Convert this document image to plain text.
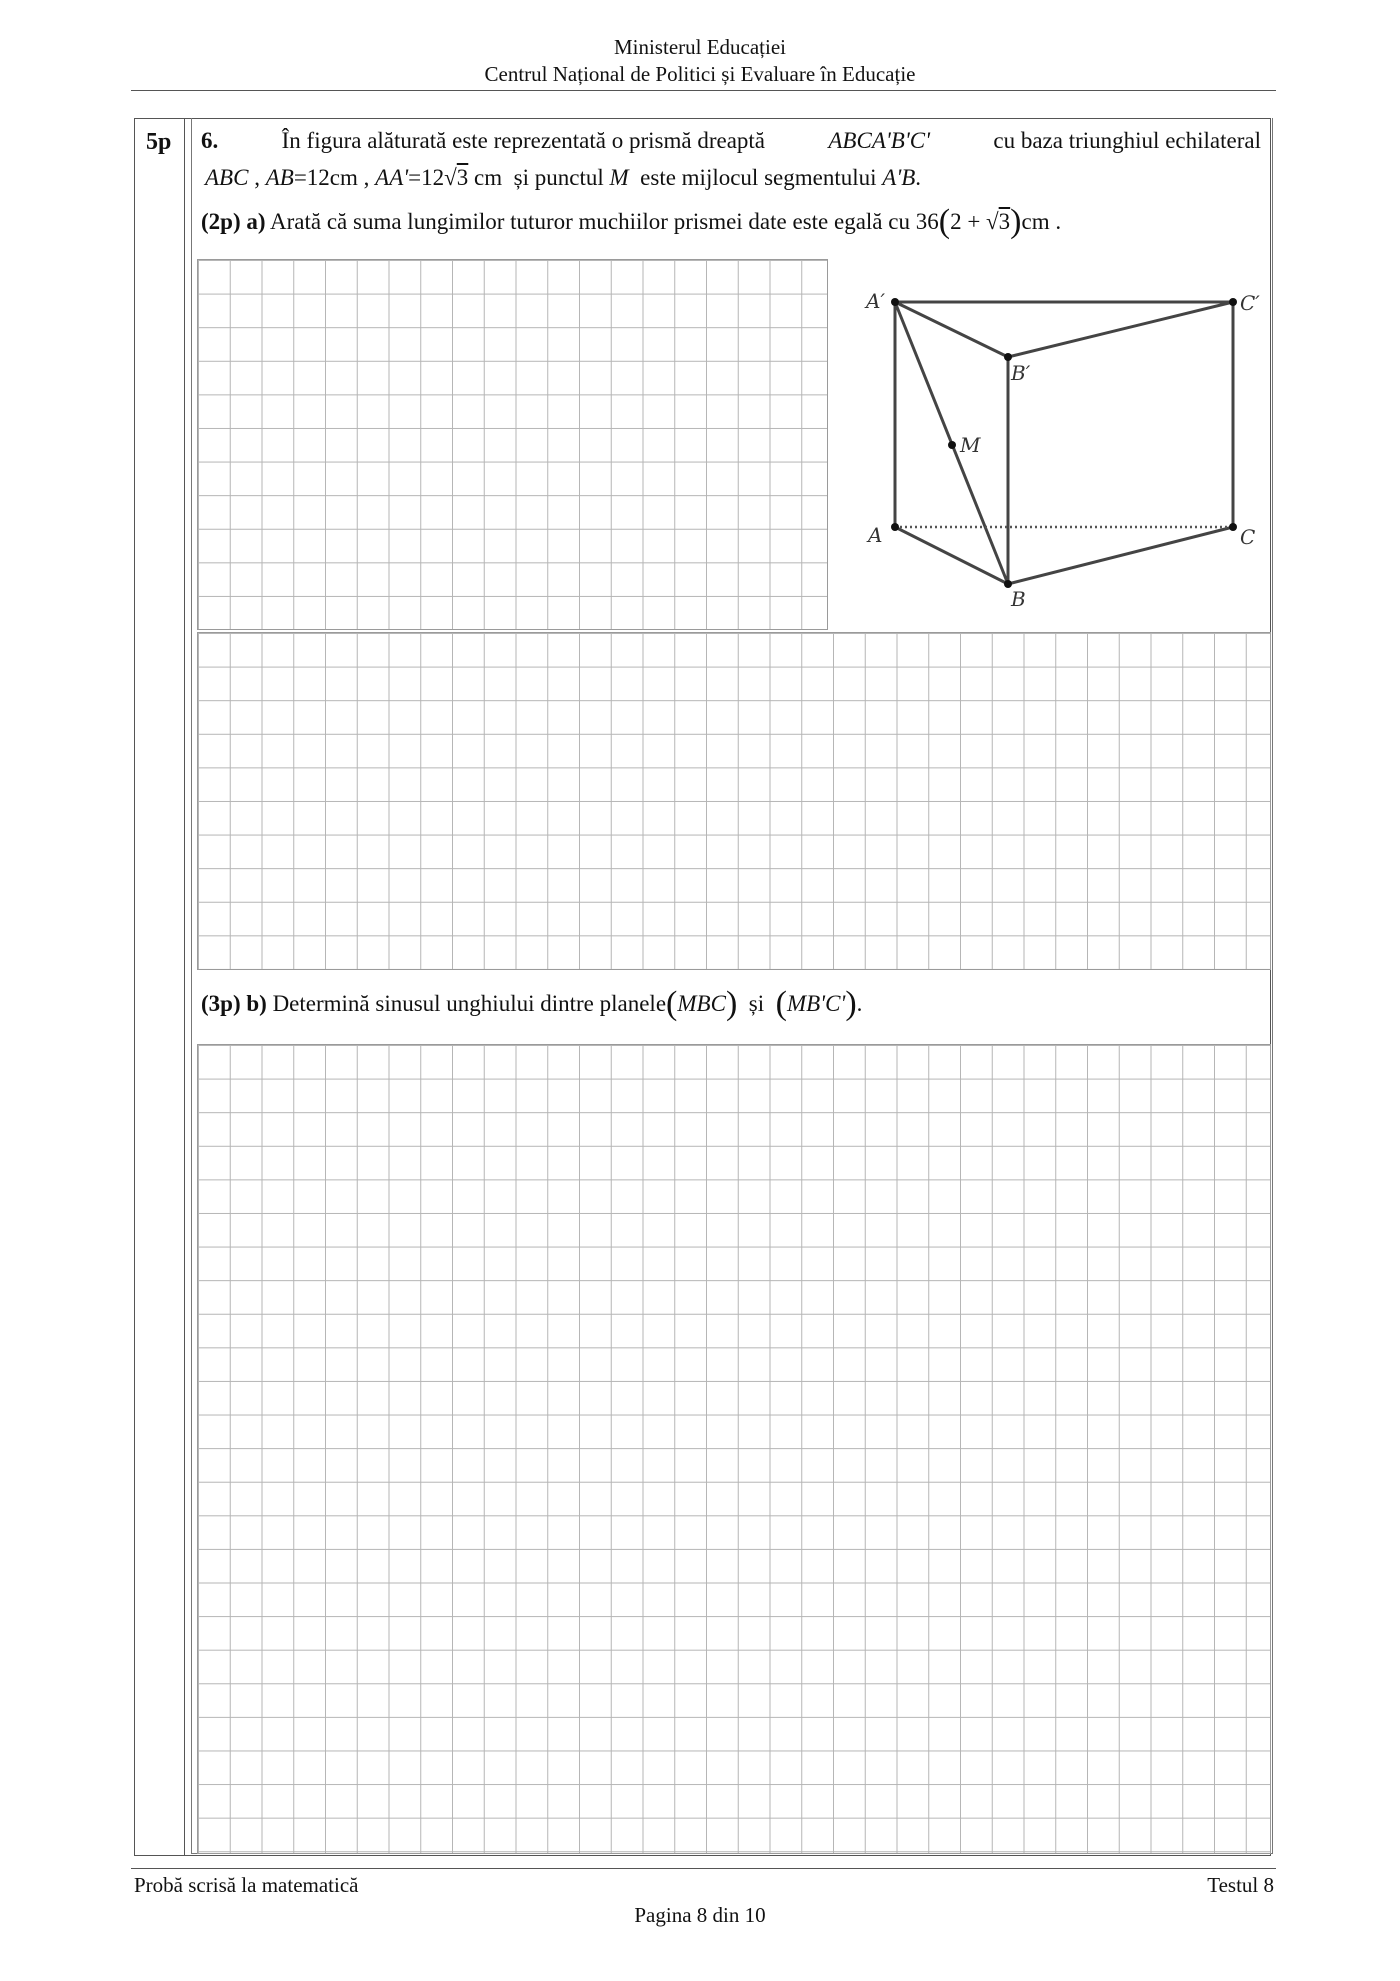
Ministerul Educației
Centrul Național de Politici și Evaluare în Educație
5p 6.	În figura alăturată este reprezentată o prismă dreaptă	ABCA'B'C'	cu baza triunghiul echilateral
ABC , AB=12cm , AA'=12√3 cm și punctul M este mijlocul segmentului A'B.
(2p) a) Arată că suma lungimilor tuturor muchiilor prismei date este egală cu 36(2 + √3)cm .
A′	C′
B′
M
A	C
B
(3p) b) Determină sinusul unghiului dintre planele(MBC) și (MB'C').
Probă scrisă la matematică	Testul 8
Pagina 8 din 10
